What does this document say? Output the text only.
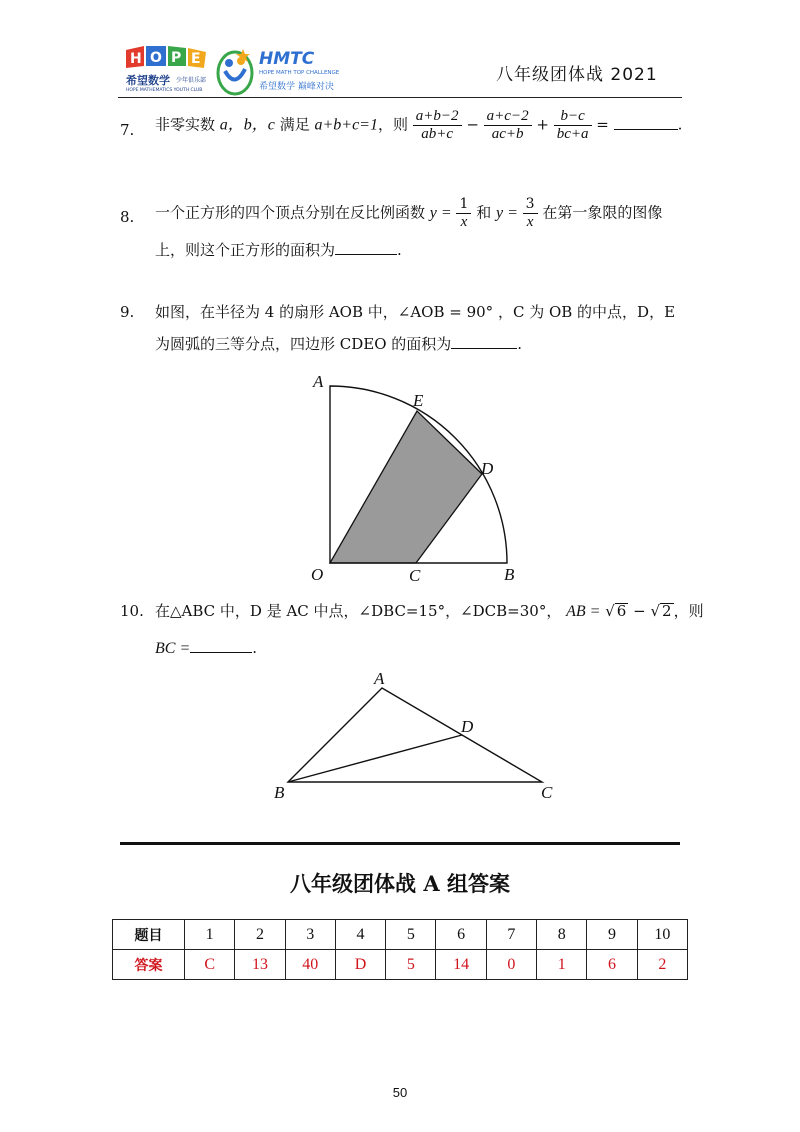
H O P E
希望数学 少年俱乐部
HOPE MATHEMATICS YOUTH CLUB
HMTC
HOPE MATH TOP CHALLENGE
希望数学 巅峰对决
八年级团体战 2021
7. 非零实数 a，b，c 满足 a+b+c=1，则 $\frac{a+b-2}{ab+c} - \frac{a+c-2}{ac+b} + \frac{b-c}{bc+a}$ =	.
8. 一个正方形的四个顶点分别在反比例函数 $y = \frac{1}{x}$ 和 $y = \frac{3}{x}$ 在第一象限的图像
上，则这个正方形的面积为	.
9. 如图，在半径为 4 的扇形 AOB 中，∠AOB = 90° ，C 为 OB 的中点，D，E
为圆弧的三等分点，四边形 CDEO 的面积为	.
A
E
D
O	C	B
10. 在△ABC 中，D 是 AC 中点，∠DBC=15°，∠DCB=30°， AB = √ 6 − √ 2 ，则
BC =	.
A
D
B	C
八年级团体战 A 组答案
题目	1	2	3	4	5	6	7	8	9	10
答案	C	13	40	D	5	14	0	1	6	2
50
